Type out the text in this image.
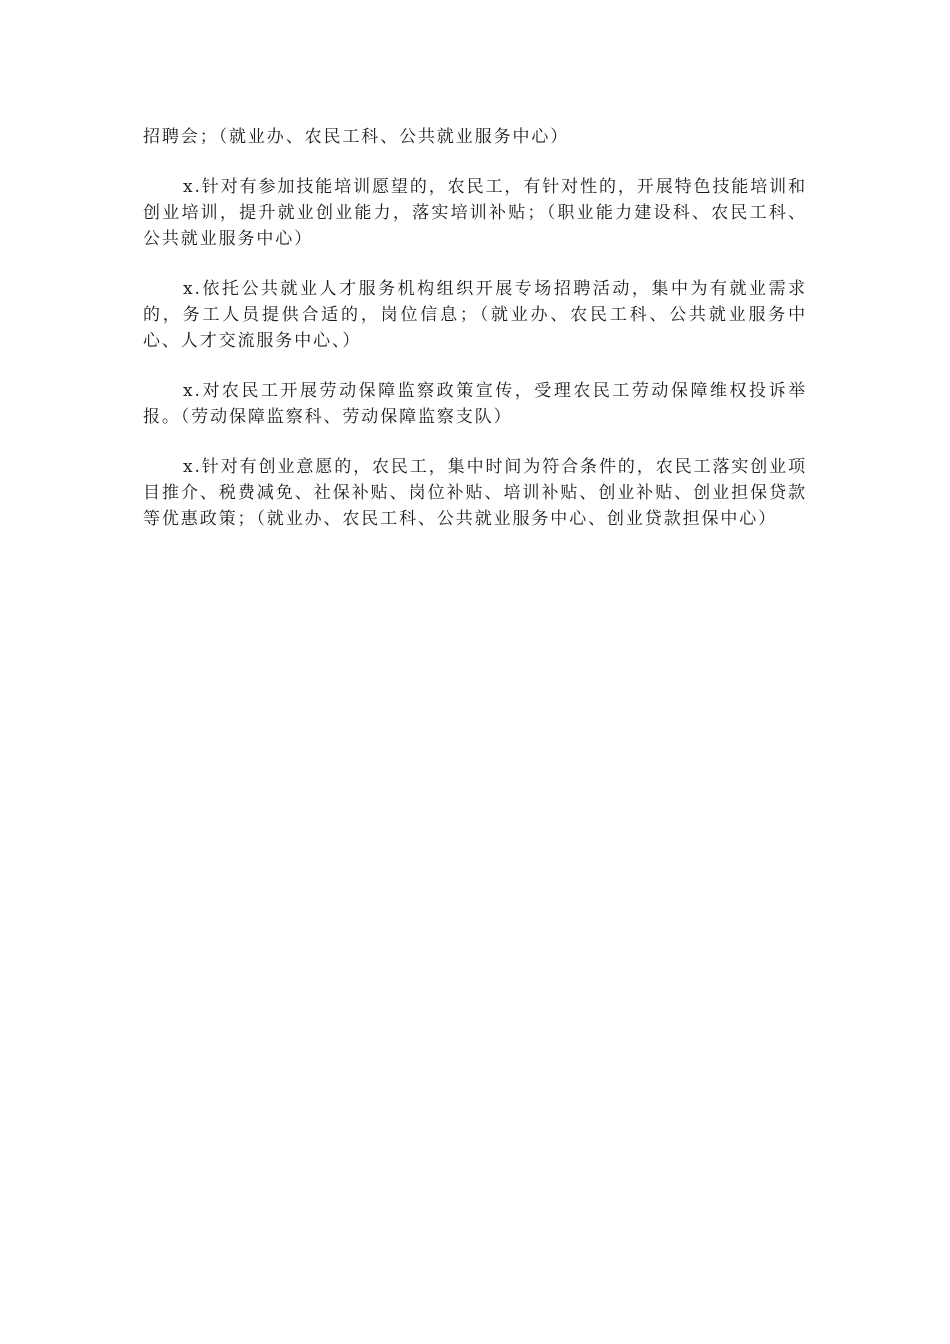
招聘会；（就业办、农民工科、公共就业服务中心）

x.针对有参加技能培训愿望的，农民工，有针对性的，开展特色技能培训和创业培训，提升就业创业能力，落实培训补贴；（职业能力建设科、农民工科、公共就业服务中心）

x.依托公共就业人才服务机构组织开展专场招聘活动，集中为有就业需求的，务工人员提供合适的，岗位信息；（就业办、农民工科、公共就业服务中心、人才交流服务中心、）

x.对农民工开展劳动保障监察政策宣传，受理农民工劳动保障维权投诉举报。（劳动保障监察科、劳动保障监察支队）

x.针对有创业意愿的，农民工，集中时间为符合条件的，农民工落实创业项目推介、税费减免、社保补贴、岗位补贴、培训补贴、创业补贴、创业担保贷款等优惠政策；（就业办、农民工科、公共就业服务中心、创业贷款担保中心）
